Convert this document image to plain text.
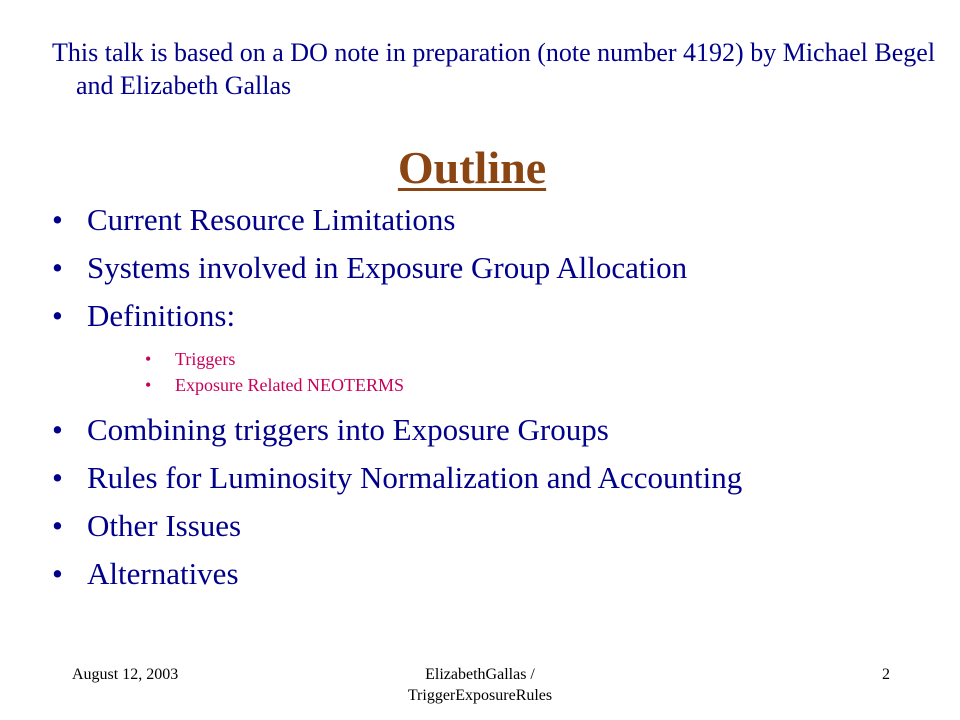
This talk is based on a DO note in preparation (note number 4192) by Michael Begel and Elizabeth Gallas
Outline
• Current Resource Limitations
• Systems involved in Exposure Group Allocation
• Definitions:
• Triggers
• Exposure Related NEOTERMS
• Combining triggers into Exposure Groups
• Rules for Luminosity Normalization and Accounting
• Other Issues
• Alternatives
August 12, 2003	ElizabethGallas /
TriggerExposureRules
2
